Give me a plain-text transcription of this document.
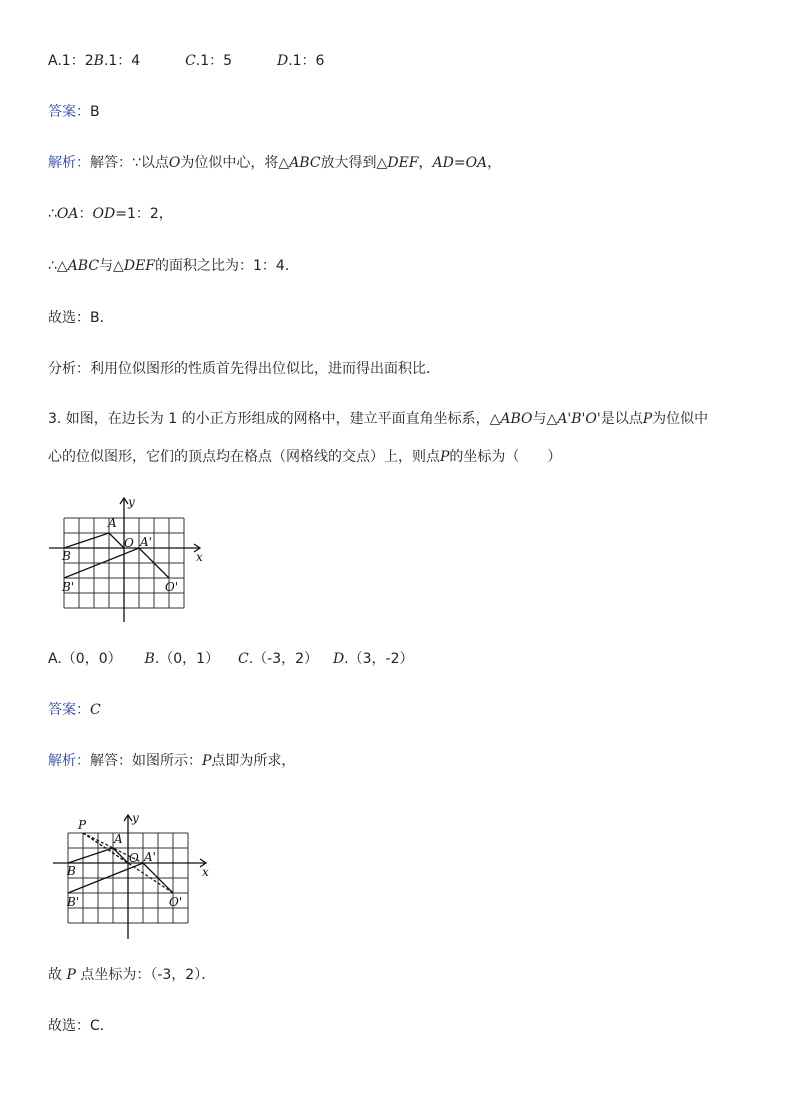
A.1：2B.1：4	C.1：5	D.1：6
答案：B
解析：解答：∵以点O为位似中心，将△ABC放大得到△DEF，AD=OA，
∴OA：OD=1：2，
∴△ABC与△DEF的面积之比为：1：4．
故选：B．
分析：利用位似图形的性质首先得出位似比，进而得出面积比．
3. 如图，在边长为 1 的小正方形组成的网格中，建立平面直角坐标系，△ABO与△A'B'O'是以点P为位似中
心的位似图形，它们的顶点均在格点（网格线的交点）上，则点P的坐标为（　　）
y
x
A
O A'
B
B'	O'
A.（0，0） B.（0，1） C.（-3，2） D.（3，-2）
答案：C
解析：解答：如图所示：P点即为所求，
P	y
x
A
O A'
B
B'	O'
故 P 点坐标为：（-3，2）．
故选：C．
